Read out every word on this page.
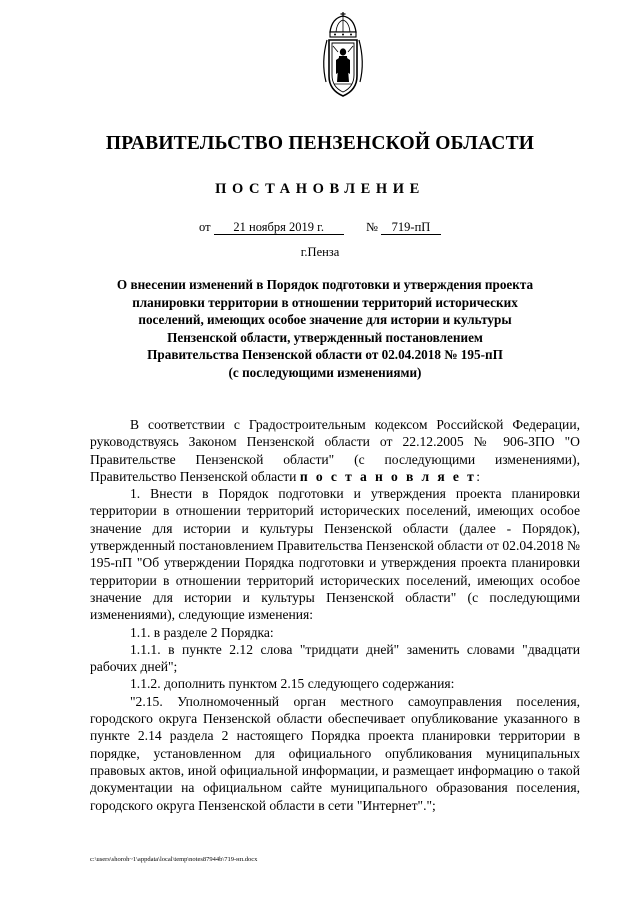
ПРАВИТЕЛЬСТВО ПЕНЗЕНСКОЙ ОБЛАСТИ
ПОСТАНОВЛЕНИЕ
от 21 ноября 2019 г.	№ 719-пП
г.Пенза
О внесении изменений в Порядок подготовки и утверждения проекта
планировки территории в отношении территорий исторических
поселений, имеющих особое значение для истории и культуры
Пензенской области, утвержденный постановлением
Правительства Пензенской области от 02.04.2018 № 195-пП
(с последующими изменениями)

В соответствии с Градостроительным кодексом Российской Федерации, руководствуясь Законом Пензенской области от 22.12.2005 № 906-ЗПО "О Правительстве Пензенской области" (с последующими изменениями), Правительство Пензенской области п о с т а н о в л я е т:

1. Внести в Порядок подготовки и утверждения проекта планировки территории в отношении территорий исторических поселений, имеющих особое значение для истории и культуры Пензенской области (далее - Порядок), утвержденный постановлением Правительства Пензенской области от 02.04.2018 № 195-пП "Об утверждении Порядка подготовки и утверждения проекта планировки территории в отношении территорий исторических поселений, имеющих особое значение для истории и культуры Пензенской области" (с последующими изменениями), следующие изменения:

1.1. в разделе 2 Порядка:

1.1.1. в пункте 2.12 слова "тридцати дней" заменить словами "двадцати рабочих дней";

1.1.2. дополнить пунктом 2.15 следующего содержания:

"2.15. Уполномоченный орган местного самоуправления поселения, городского округа Пензенской области обеспечивает опубликование указанного в пункте 2.14 раздела 2 настоящего Порядка проекта планировки территории в порядке, установленном для официального опубликования муниципальных правовых актов, иной официальной информации, и размещает информацию о такой документации на официальном сайте муниципального образования поселения, городского округа Пензенской области в сети "Интернет".";

c:\users\shoroh~1\appdata\local\temp\notes87944b\719-нп.docx
